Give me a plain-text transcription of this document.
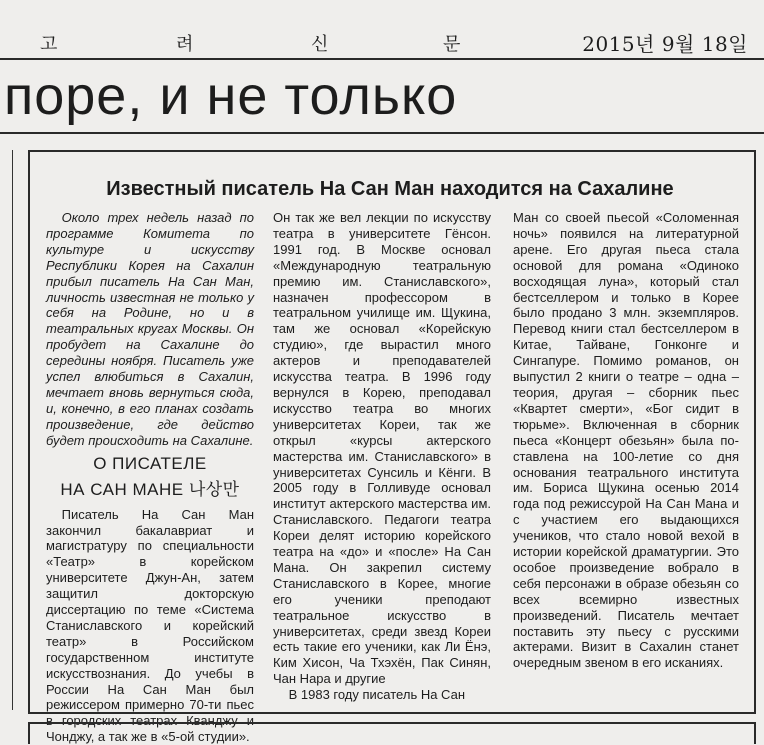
고	려	신	문	2015년 9월 18일
поре, и не только
Известный писатель На Сан Ман находится на Сахалине

Около трех недель назад по программе Комитета по культуре и искусству Республики Корея на Сахалин прибыл писатель На Сан Ман, личность известная не только у себя на Родине, но и в театральных кругах Москвы. Он пробудет на Сахалине до середины ноября. Писатель уже успел влюбиться в Сахалин, мечтает вновь вернуться сюда, и, конечно, в его планах создать произведение, где действо будет происходить на Сахалине.

О ПИСАТЕЛЕ
НА САН МАНЕ 나상만

Писатель На Сан Ман закончил бакалавриат и магистратуру по специальности «Театр» в корейском университете Джун-Ан, затем защитил докторскую диссертацию по теме «Система Станиславского и корейский театр» в Российском государственном институте искусствознания. До учебы в России На Сан Ман был режиссером примерно 70-ти пьес в городских театрах Кванджу и Чонджу, а так же в «5-ой студии».

Он так же вел лекции по искусству театра в университете Гёнсон. 1991 год. В Москве основал «Международную театральную премию им. Станиславского», назначен профессором в театральном училище им. Щукина, там же основал «Корейскую студию», где вырастил много актеров и преподавателей искусства театра. В 1996 году вернулся в Корею, преподавал искусство театра во многих университетах Кореи, так же открыл «курсы актерского мастерства им. Станиславского» в университетах Сунсиль и Кёнги. В 2005 году в Голливуде основал институт актерского мастерства им. Станиславского. Педагоги театра Кореи делят историю корейского театра на «до» и «после» На Сан Мана. Он закрепил систему Станиславского в Корее, многие его ученики преподают театральное искусство в университетах, среди звезд Кореи есть такие его ученики, как Ли Ёнэ, Ким Хисон, Ча Тхэхён, Пак Синян, Чан Нара и другие

В 1983 году писатель На Сан

Ман со своей пьесой «Соломенная ночь» появился на литературной арене. Его другая пьеса стала основой для романа «Одиноко восходящая луна», который стал бестселлером и только в Корее было продано 3 млн. экземпляров. Перевод книги стал бестселлером в Китае, Тайване, Гонконге и Сингапуре. Помимо романов, он выпустил 2 книги о театре – одна – теория, другая – сборник пьес «Квартет смерти», «Бог сидит в тюрьме». Включенная в сборник пьеса «Концерт обезьян» была по-ставлена на 100-летие со дня основания театрального института им. Бориса Щукина осенью 2014 года под режиссурой На Сан Мана и с участием его выдающихся учеников, что стало новой вехой в истории корейской драматургии. Это особое произведение вобрало в себя персонажи в образе обезьян со всех всемирно известных произведений. Писатель мечтает поставить эту пьесу с русскими актерами. Визит в Сахалин станет очередным звеном в его исканиях.
